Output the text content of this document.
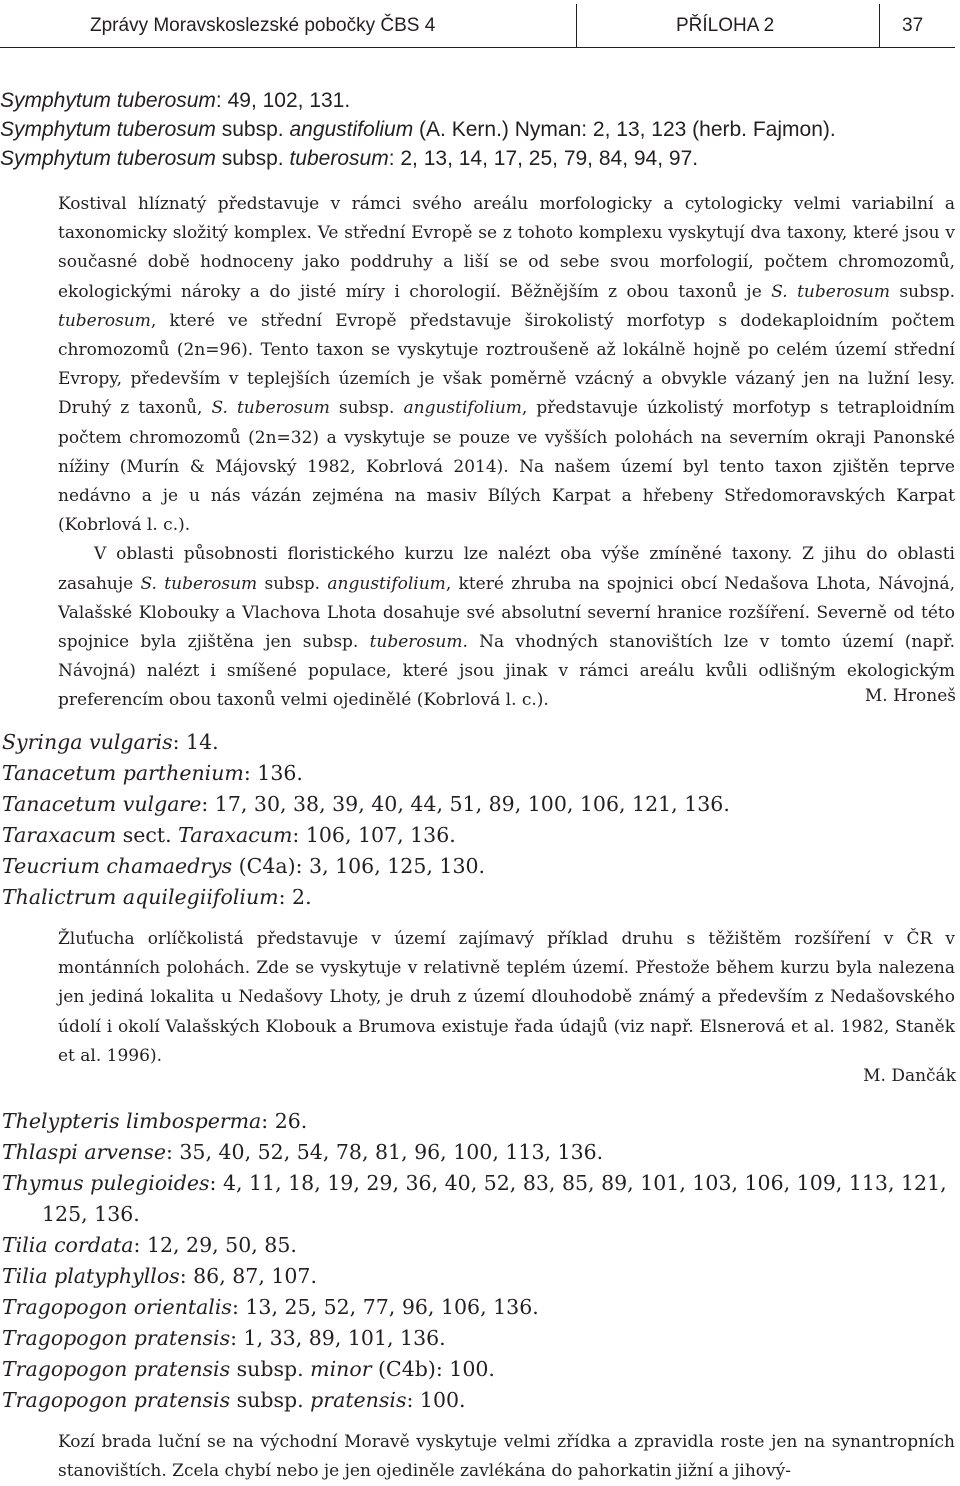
Zprávy Moravskoslezské pobočky ČBS 4	PŘÍLOHA 2	37
Symphytum tuberosum: 49, 102, 131.
Symphytum tuberosum subsp. angustifolium (A. Kern.) Nyman: 2, 13, 123 (herb. Fajmon).
Symphytum tuberosum subsp. tuberosum: 2, 13, 14, 17, 25, 79, 84, 94, 97.

Kostival hlíznatý představuje v rámci svého areálu morfologicky a cytologicky velmi variabilní a taxonomicky složitý komplex. Ve střední Evropě se z tohoto komplexu vyskytují dva taxony, které jsou v současné době hodnoceny jako poddruhy a liší se od sebe svou morfologií, počtem chromozomů, ekologickými nároky a do jisté míry i chorologií. Běžnějším z obou taxonů je S. tuberosum subsp. tuberosum, které ve střední Evropě představuje širokolistý morfotyp s dodekaploidním počtem chromozomů (2n=96). Tento taxon se vyskytuje roztroušeně až lokálně hojně po celém území střední Evropy, především v teplejších územích je však poměrně vzácný a obvykle vázaný jen na lužní lesy. Druhý z taxonů, S. tuberosum subsp. angustifolium, představuje úzkolistý morfotyp s tetraploidním počtem chromozomů (2n=32) a vyskytuje se pouze ve vyšších polohách na severním okraji Panonské nížiny (Murín & Májovský 1982, Kobrlová 2014). Na našem území byl tento taxon zjištěn teprve nedávno a je u nás vázán zejména na masiv Bílých Karpat a hřebeny Středomoravských Karpat (Kobrlová l. c.).

V oblasti působnosti floristického kurzu lze nalézt oba výše zmíněné taxony. Z jihu do oblasti zasahuje S. tuberosum subsp. angustifolium, které zhruba na spojnici obcí Nedašova Lhota, Návojná, Valašské Klobouky a Vlachova Lhota dosahuje své absolutní severní hranice rozšíření. Severně od této spojnice byla zjištěna jen subsp. tuberosum. Na vhodných stanovištích lze v tomto území (např. Návojná) nalézt i smíšené populace, které jsou jinak v rámci areálu kvůli odlišným ekologickým preferencím obou taxonů velmi ojedinělé (Kobrlová l. c.).	M. Hroneš
Syringa vulgaris: 14.
Tanacetum parthenium: 136.
Tanacetum vulgare: 17, 30, 38, 39, 40, 44, 51, 89, 100, 106, 121, 136.
Taraxacum sect. Taraxacum: 106, 107, 136.
Teucrium chamaedrys (C4a): 3, 106, 125, 130.
Thalictrum aquilegiifolium: 2.

Žluťucha orlíčkolistá představuje v území zajímavý příklad druhu s těžištěm rozšíření v ČR v montánních polohách. Zde se vyskytuje v relativně teplém území. Přestože během kurzu byla nalezena jen jediná lokalita u Nedašovy Lhoty, je druh z území dlouhodobě známý a především z Nedašovského údolí i okolí Valašských Klobouk a Brumova existuje řada údajů (viz např. Elsnerová et al. 1982, Staněk et al. 1996).

M. Dančák
Thelypteris limbosperma: 26.
Thlaspi arvense: 35, 40, 52, 54, 78, 81, 96, 100, 113, 136.
Thymus pulegioides: 4, 11, 18, 19, 29, 36, 40, 52, 83, 85, 89, 101, 103, 106, 109, 113, 121,
125, 136.
Tilia cordata: 12, 29, 50, 85.
Tilia platyphyllos: 86, 87, 107.
Tragopogon orientalis: 13, 25, 52, 77, 96, 106, 136.
Tragopogon pratensis: 1, 33, 89, 101, 136.
Tragopogon pratensis subsp. minor (C4b): 100.
Tragopogon pratensis subsp. pratensis: 100.

Kozí brada luční se na východní Moravě vyskytuje velmi zřídka a zpravidla roste jen na synantropních stanovištích. Zcela chybí nebo je jen ojediněle zavlékána do pahorkatin jižní a jihový-
